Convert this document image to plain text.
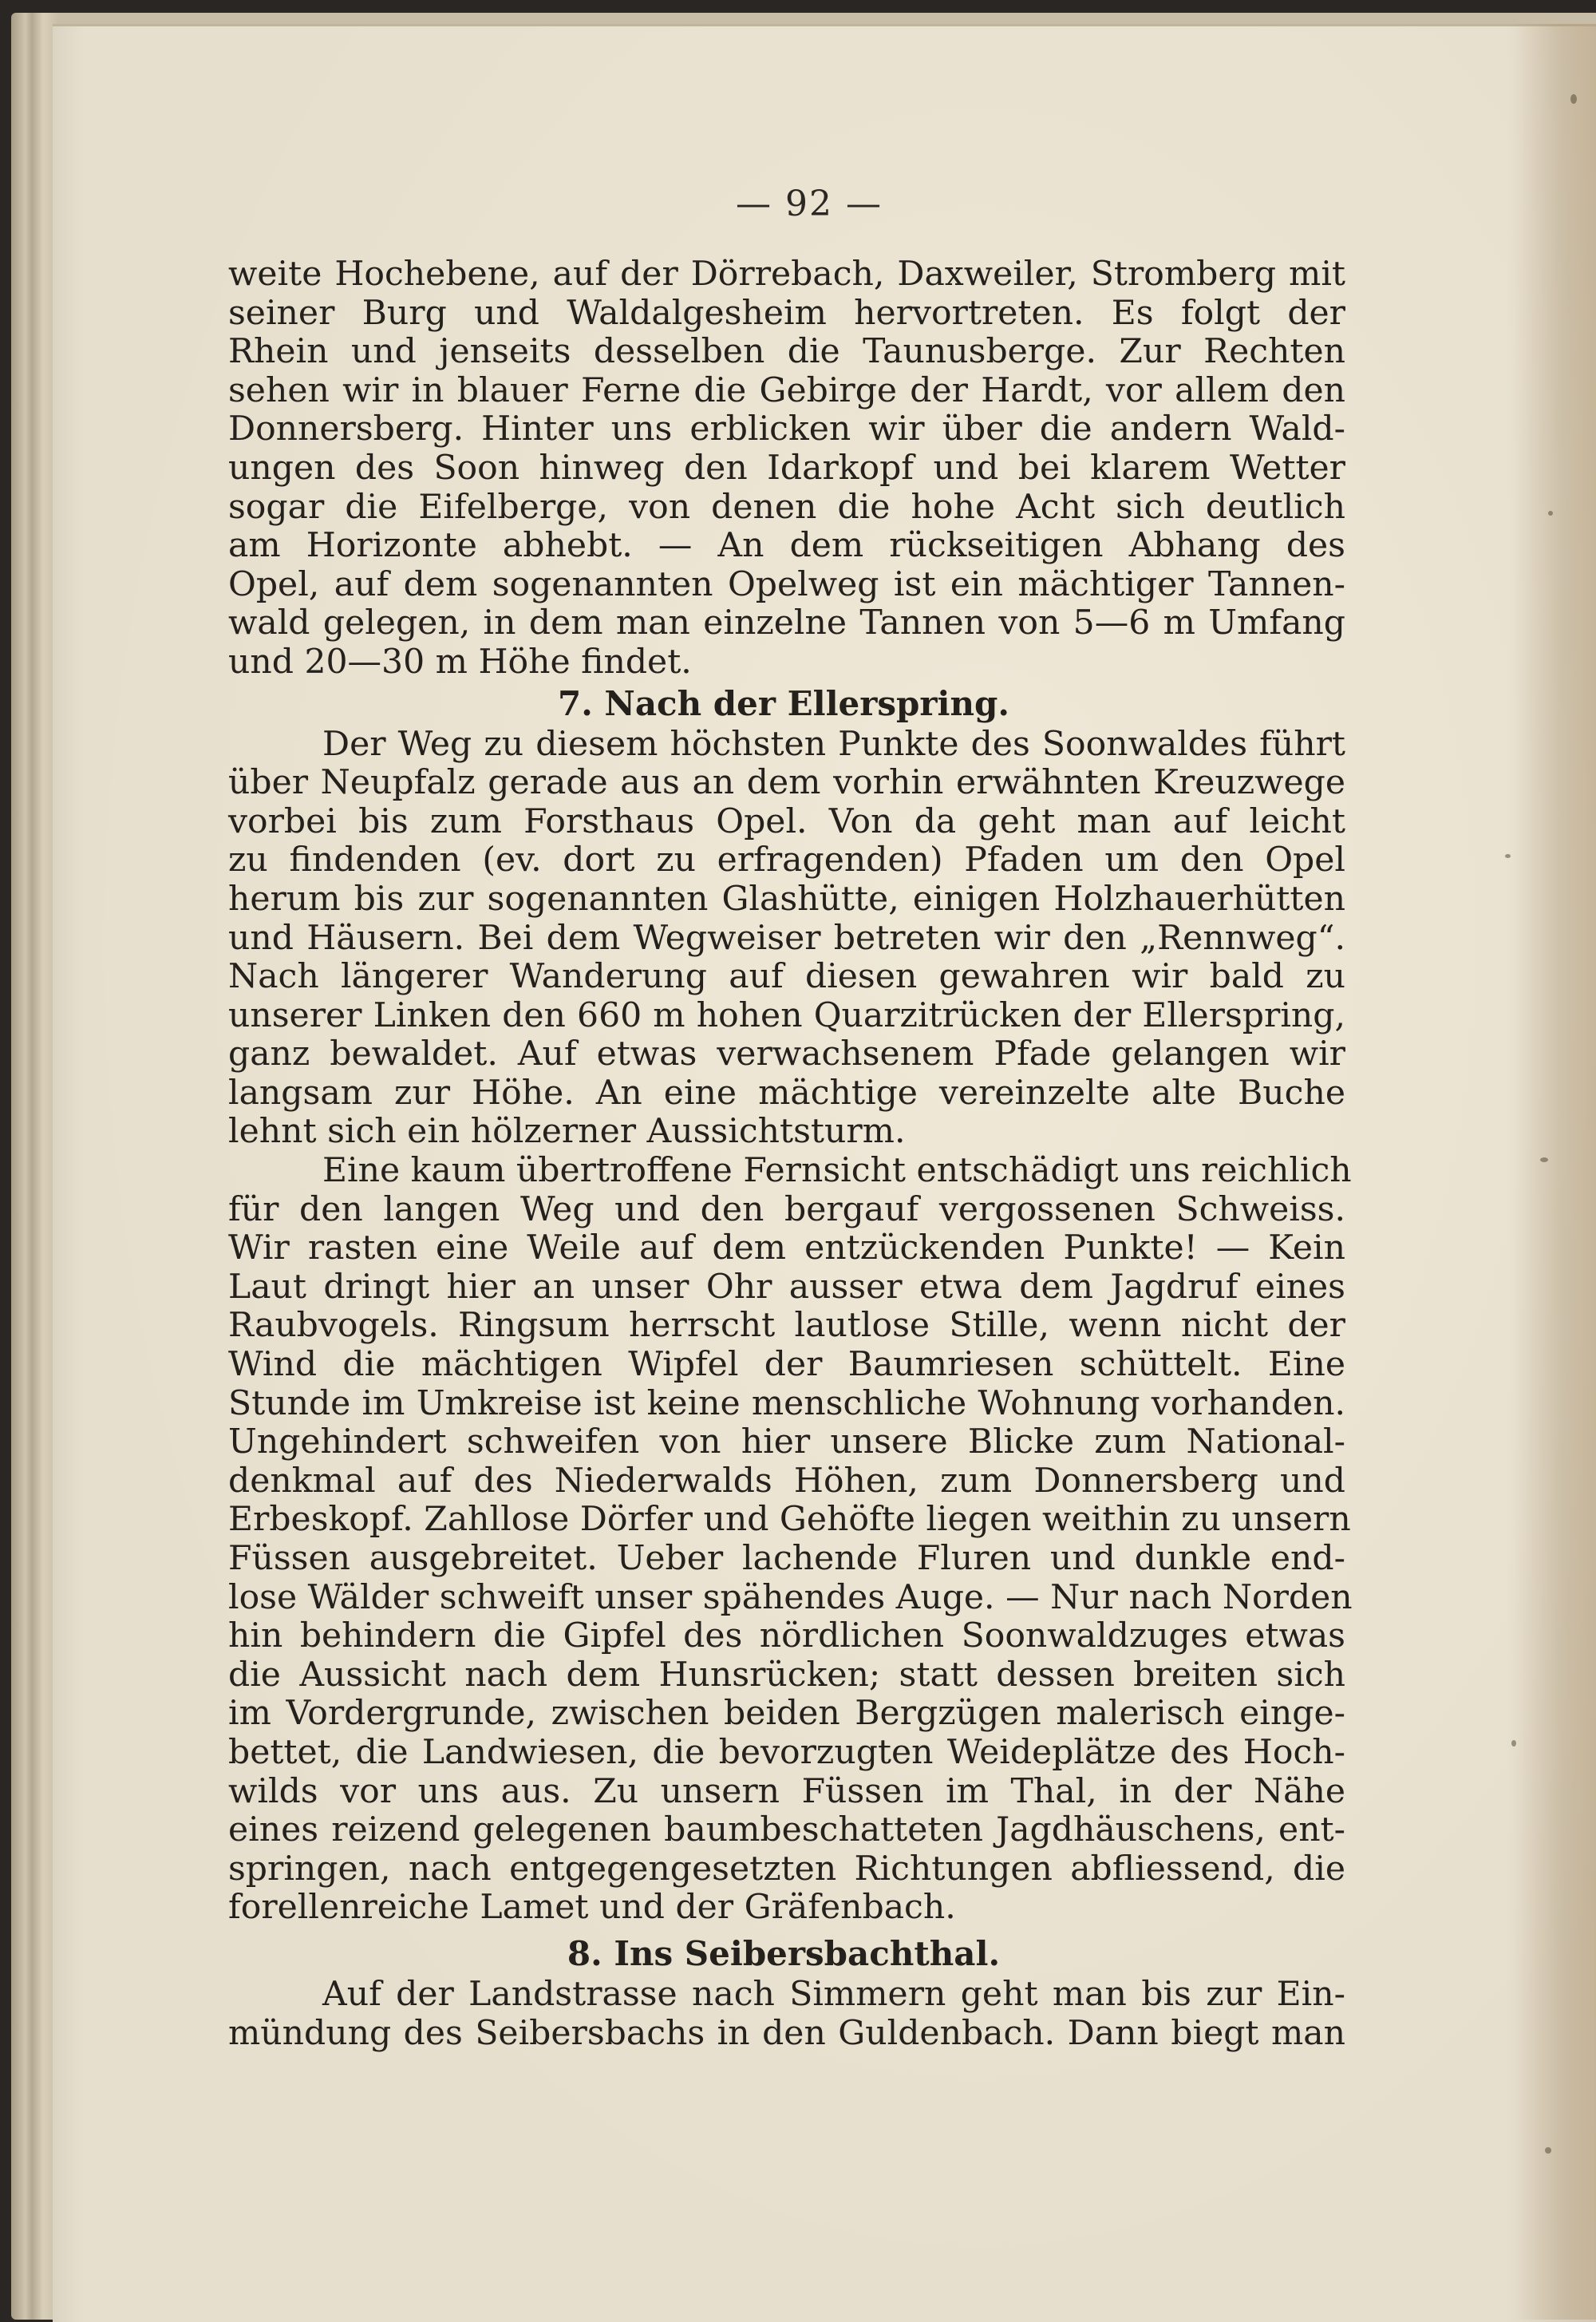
— 92 —
weite Hochebene, auf der Dörrebach, Daxweiler, Stromberg mit
seiner Burg und Waldalgesheim hervortreten. Es folgt der
Rhein und jenseits desselben die Taunusberge. Zur Rechten
sehen wir in blauer Ferne die Gebirge der Hardt, vor allem den
Donnersberg. Hinter uns erblicken wir über die andern Wald-
ungen des Soon hinweg den Idarkopf und bei klarem Wetter
sogar die Eifelberge, von denen die hohe Acht sich deutlich
am Horizonte abhebt. — An dem rückseitigen Abhang des
Opel, auf dem sogenannten Opelweg ist ein mächtiger Tannen-
wald gelegen, in dem man einzelne Tannen von 5—6 m Umfang
und 20—30 m Höhe findet.
7. Nach der Ellerspring.
Der Weg zu diesem höchsten Punkte des Soonwaldes führt
über Neupfalz gerade aus an dem vorhin erwähnten Kreuzwege
vorbei bis zum Forsthaus Opel. Von da geht man auf leicht
zu findenden (ev. dort zu erfragenden) Pfaden um den Opel
herum bis zur sogenannten Glashütte, einigen Holzhauerhütten
und Häusern. Bei dem Wegweiser betreten wir den „Rennweg“.
Nach längerer Wanderung auf diesen gewahren wir bald zu
unserer Linken den 660 m hohen Quarzitrücken der Ellerspring,
ganz bewaldet. Auf etwas verwachsenem Pfade gelangen wir
langsam zur Höhe. An eine mächtige vereinzelte alte Buche
lehnt sich ein hölzerner Aussichtsturm.
Eine kaum übertroffene Fernsicht entschädigt uns reichlich
für den langen Weg und den bergauf vergossenen Schweiss.
Wir rasten eine Weile auf dem entzückenden Punkte! — Kein
Laut dringt hier an unser Ohr ausser etwa dem Jagdruf eines
Raubvogels. Ringsum herrscht lautlose Stille, wenn nicht der
Wind die mächtigen Wipfel der Baumriesen schüttelt. Eine
Stunde im Umkreise ist keine menschliche Wohnung vorhanden.
Ungehindert schweifen von hier unsere Blicke zum National-
denkmal auf des Niederwalds Höhen, zum Donnersberg und
Erbeskopf. Zahllose Dörfer und Gehöfte liegen weithin zu unsern
Füssen ausgebreitet. Ueber lachende Fluren und dunkle end-
lose Wälder schweift unser spähendes Auge. — Nur nach Norden
hin behindern die Gipfel des nördlichen Soonwaldzuges etwas
die Aussicht nach dem Hunsrücken; statt dessen breiten sich
im Vordergrunde, zwischen beiden Bergzügen malerisch einge-
bettet, die Landwiesen, die bevorzugten Weideplätze des Hoch-
wilds vor uns aus. Zu unsern Füssen im Thal, in der Nähe
eines reizend gelegenen baumbeschatteten Jagdhäuschens, ent-
springen, nach entgegengesetzten Richtungen abfliessend, die
forellenreiche Lamet und der Gräfenbach.
8. Ins Seibersbachthal.
Auf der Landstrasse nach Simmern geht man bis zur Ein-
mündung des Seibersbachs in den Guldenbach. Dann biegt man
